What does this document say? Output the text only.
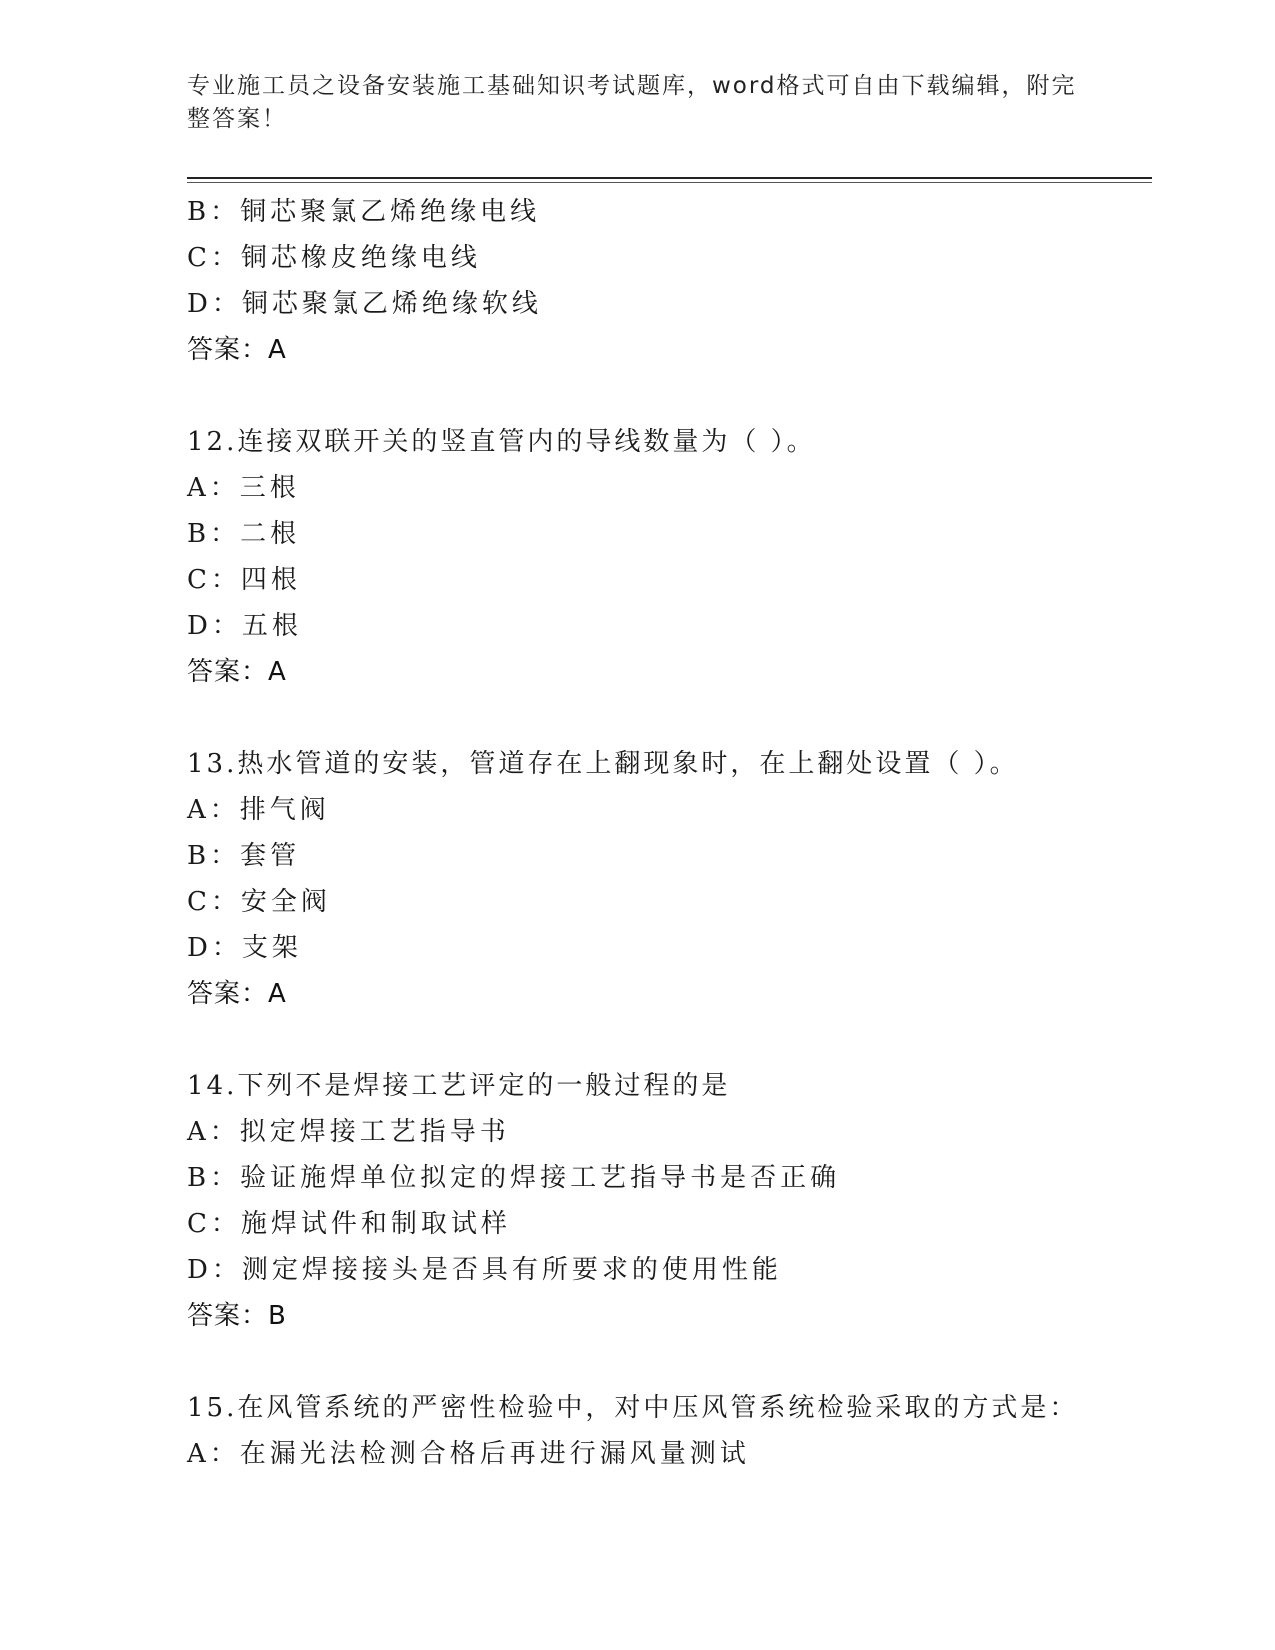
专业施工员之设备安装施工基础知识考试题库，word格式可自由下载编辑，附完
整答案！
B：铜芯聚氯乙烯绝缘电线
C：铜芯橡皮绝缘电线
D：铜芯聚氯乙烯绝缘软线
答案：A
12.连接双联开关的竖直管内的导线数量为（ ）。
A：三根
B：二根
C：四根
D：五根
答案：A
13.热水管道的安装，管道存在上翻现象时，在上翻处设置（ ）。
A：排气阀
B：套管
C：安全阀
D：支架
答案：A
14.下列不是焊接工艺评定的一般过程的是
A：拟定焊接工艺指导书
B：验证施焊单位拟定的焊接工艺指导书是否正确
C：施焊试件和制取试样
D：测定焊接接头是否具有所要求的使用性能
答案：B
15.在风管系统的严密性检验中，对中压风管系统检验采取的方式是：
A：在漏光法检测合格后再进行漏风量测试
